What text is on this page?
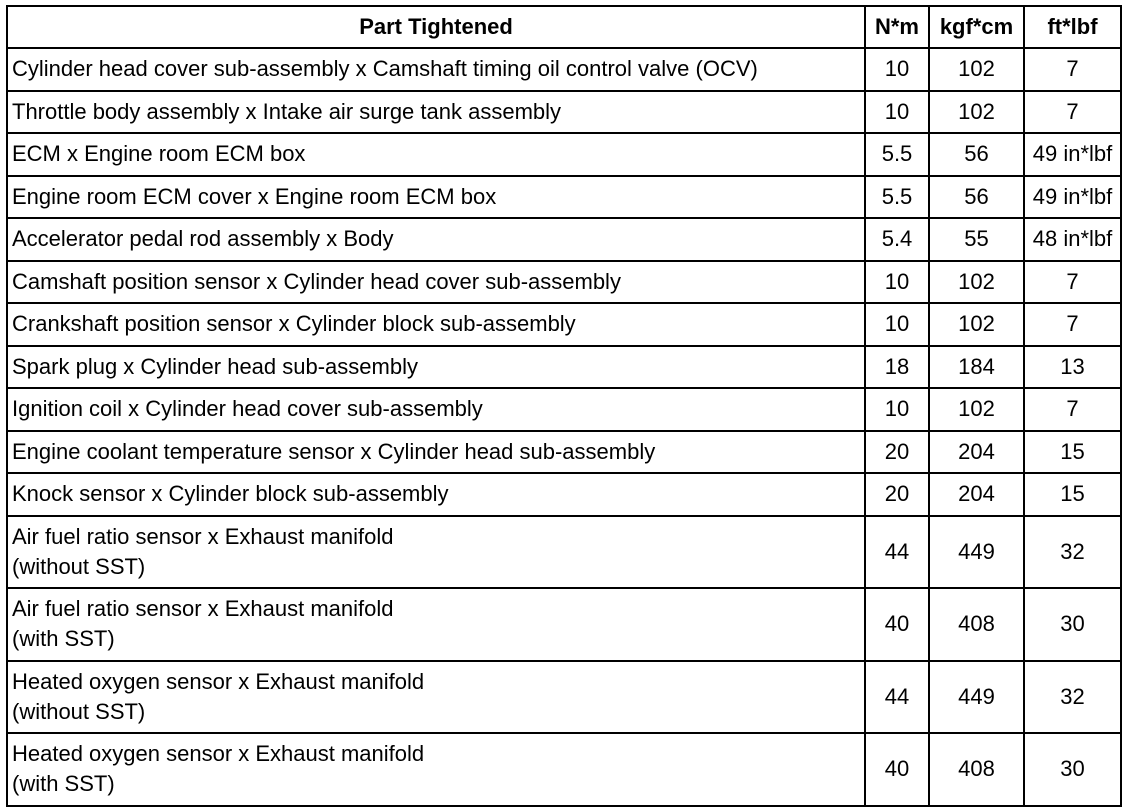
Part Tightened	N*m	kgf*cm	ft*lbf

Cylinder head cover sub-assembly x Camshaft timing oil control valve (OCV)	10	102	7

Throttle body assembly x Intake air surge tank assembly	10	102	7

ECM x Engine room ECM box	5.5	56	49 in*lbf

Engine room ECM cover x Engine room ECM box	5.5	56	49 in*lbf

Accelerator pedal rod assembly x Body	5.4	55	48 in*lbf

Camshaft position sensor x Cylinder head cover sub-assembly	10	102	7

Crankshaft position sensor x Cylinder block sub-assembly	10	102	7

Spark plug x Cylinder head sub-assembly	18	184	13

Ignition coil x Cylinder head cover sub-assembly	10	102	7

Engine coolant temperature sensor x Cylinder head sub-assembly	20	204	15

Knock sensor x Cylinder block sub-assembly	20	204	15

Air fuel ratio sensor x Exhaust manifold
(without SST)	44	449	32

Air fuel ratio sensor x Exhaust manifold
(with SST)	40	408	30

Heated oxygen sensor x Exhaust manifold
(without SST)	44	449	32

Heated oxygen sensor x Exhaust manifold
(with SST)	40	408	30
